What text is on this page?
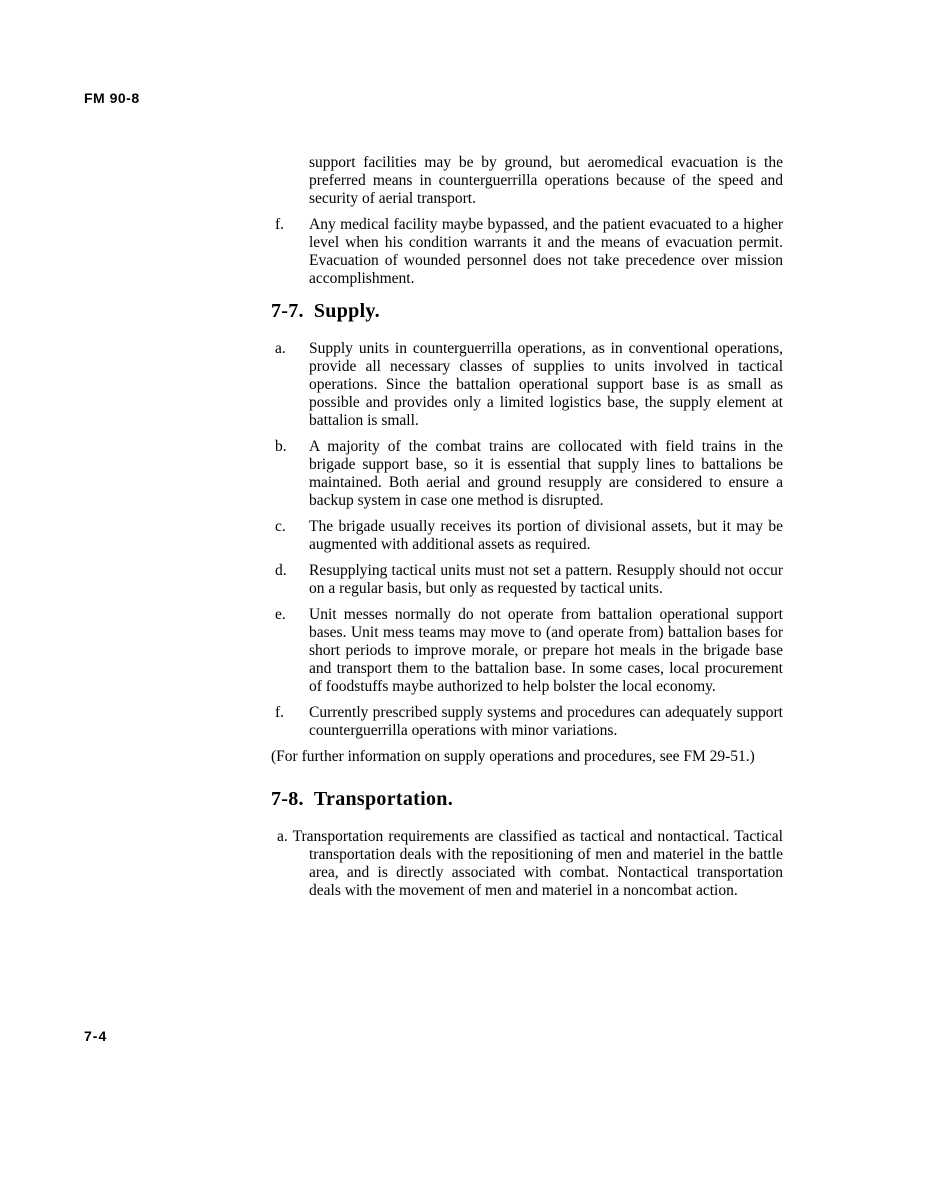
FM 90-8
support facilities may be by ground, but aeromedical evacuation is the preferred means in counterguerrilla operations because of the speed and security of aerial transport.
f. Any medical facility maybe bypassed, and the patient evacuated to a higher level when his condition warrants it and the means of evacuation permit. Evacuation of wounded personnel does not take precedence over mission accomplishment.
7-7. Supply.
a. Supply units in counterguerrilla operations, as in conventional operations, provide all necessary classes of supplies to units involved in tactical operations. Since the battalion operational support base is as small as possible and provides only a limited logistics base, the supply element at battalion is small.
b. A majority of the combat trains are collocated with field trains in the brigade support base, so it is essential that supply lines to battalions be maintained. Both aerial and ground resupply are considered to ensure a backup system in case one method is disrupted.
c. The brigade usually receives its portion of divisional assets, but it may be augmented with additional assets as required.
d. Resupplying tactical units must not set a pattern. Resupply should not occur on a regular basis, but only as requested by tactical units.
e. Unit messes normally do not operate from battalion operational support bases. Unit mess teams may move to (and operate from) battalion bases for short periods to improve morale, or prepare hot meals in the brigade base and transport them to the battalion base. In some cases, local procurement of foodstuffs maybe authorized to help bolster the local economy.
f. Currently prescribed supply systems and procedures can adequately support counterguerrilla operations with minor variations.

(For further information on supply operations and procedures, see FM 29-51.)

7-8. Transportation.
a. Transportation requirements are classified as tactical and nontactical. Tactical transportation deals with the repositioning of men and materiel in the battle area, and is directly associated with combat. Nontactical transportation deals with the movement of men and materiel in a noncombat action.
7-4
